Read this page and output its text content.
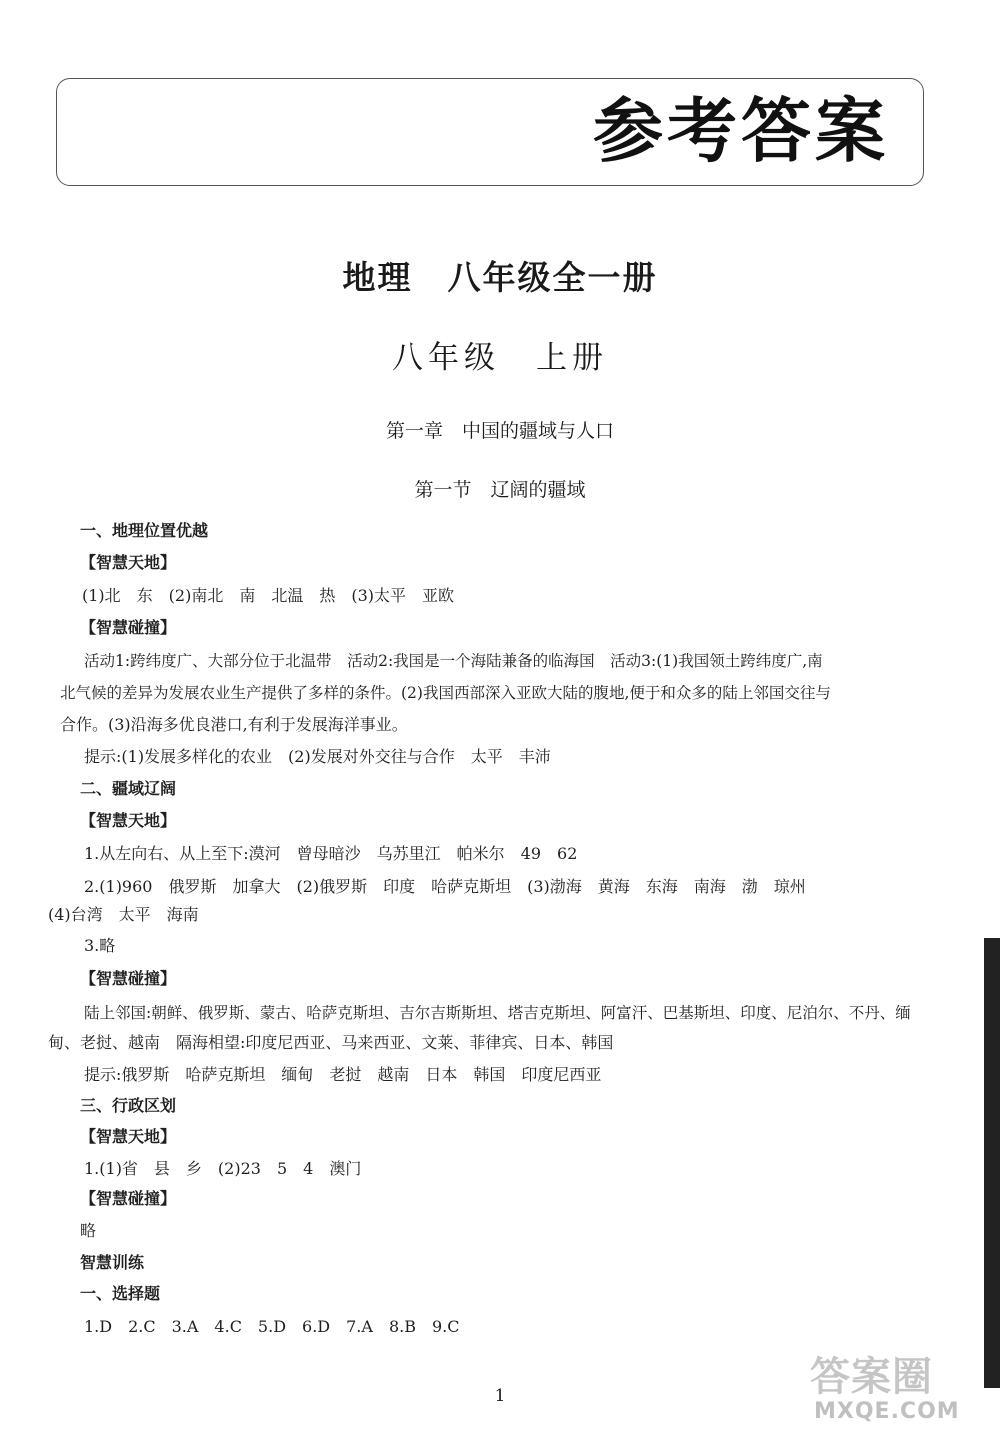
参考答案
地理　八年级全一册
八年级　上册
第一章　中国的疆域与人口
第一节　辽阔的疆域
一、地理位置优越
【智慧天地】
(1)北　东　(2)南北　南　北温　热　(3)太平　亚欧
【智慧碰撞】
活动1:跨纬度广、大部分位于北温带　活动2:我国是一个海陆兼备的临海国　活动3:(1)我国领土跨纬度广,南
北气候的差异为发展农业生产提供了多样的条件。(2)我国西部深入亚欧大陆的腹地,便于和众多的陆上邻国交往与
合作。(3)沿海多优良港口,有利于发展海洋事业。
提示:(1)发展多样化的农业　(2)发展对外交往与合作　太平　丰沛
二、疆域辽阔
【智慧天地】
1.从左向右、从上至下:漠河　曾母暗沙　乌苏里江　帕米尔　49　62
2.(1)960　俄罗斯　加拿大　(2)俄罗斯　印度　哈萨克斯坦　(3)渤海　黄海　东海　南海　渤　琼州
(4)台湾　太平　海南
3.略
【智慧碰撞】
陆上邻国:朝鲜、俄罗斯、蒙古、哈萨克斯坦、吉尔吉斯斯坦、塔吉克斯坦、阿富汗、巴基斯坦、印度、尼泊尔、不丹、缅
甸、老挝、越南　隔海相望:印度尼西亚、马来西亚、文莱、菲律宾、日本、韩国
提示:俄罗斯　哈萨克斯坦　缅甸　老挝　越南　日本　韩国　印度尼西亚
三、行政区划
【智慧天地】
1.(1)省　县　乡　(2)23　5　4　澳门
【智慧碰撞】
略
智慧训练
一、选择题
1.D　2.C　3.A　4.C　5.D　6.D　7.A　8.B　9.C
1	答案圈
MXQE.COM
